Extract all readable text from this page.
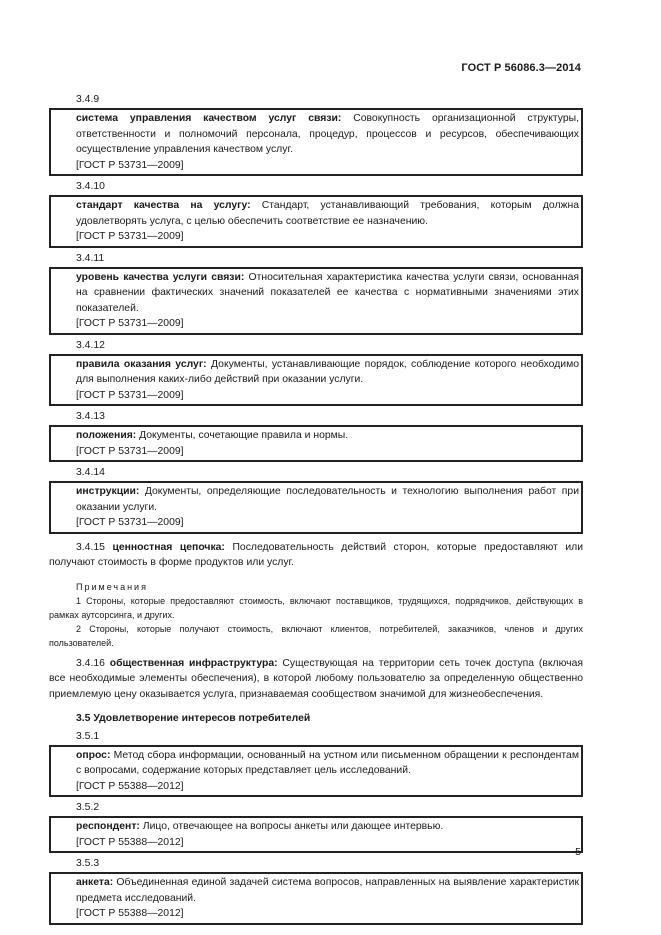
ГОСТ Р 56086.3—2014
3.4.9

система управления качеством услуг связи: Совокупность организационной структуры, ответственности и полномочий персонала, процедур, процессов и ресурсов, обеспечивающих осуществление управления качеством услуг.

[ГОСТ Р 53731—2009]
3.4.10

стандарт качества на услугу: Стандарт, устанавливающий требования, которым должна удовлетворять услуга, с целью обеспечить соответствие ее назначению.

[ГОСТ Р 53731—2009]
3.4.11

уровень качества услуги связи: Относительная характеристика качества услуги связи, основанная на сравнении фактических значений показателей ее качества с нормативными значениями этих показателей.

[ГОСТ Р 53731—2009]
3.4.12

правила оказания услуг: Документы, устанавливающие порядок, соблюдение которого необходимо для выполнения каких-либо действий при оказании услуги.

[ГОСТ Р 53731—2009]
3.4.13

положения: Документы, сочетающие правила и нормы.

[ГОСТ Р 53731—2009]
3.4.14

инструкции: Документы, определяющие последовательность и технологию выполнения работ при оказании услуги.

[ГОСТ Р 53731—2009]

3.4.15 ценностная цепочка: Последовательность действий сторон, которые предоставляют или получают стоимость в форме продуктов или услуг.

Примечания
1 Стороны, которые предоставляют стоимость, включают поставщиков, трудящихся, подрядчиков, действующих в рамках аутсорсинга, и других.
2 Стороны, которые получают стоимость, включают клиентов, потребителей, заказчиков, членов и других пользователей.

3.4.16 общественная инфраструктура: Существующая на территории сеть точек доступа (включая все необходимые элементы обеспечения), в которой любому пользователю за определенную общественно приемлемую цену оказывается услуга, признаваемая сообществом значимой для жизнеобеспечения.

3.5 Удовлетворение интересов потребителей
3.5.1

опрос: Метод сбора информации, основанный на устном или письменном обращении к респондентам с вопросами, содержание которых представляет цель исследований.

[ГОСТ Р 55388—2012]
3.5.2

респондент: Лицо, отвечающее на вопросы анкеты или дающее интервью.

[ГОСТ Р 55388—2012]
3.5.3

анкета: Объединенная единой задачей система вопросов, направленных на выявление характеристик предмета исследований.

[ГОСТ Р 55388—2012]
5
